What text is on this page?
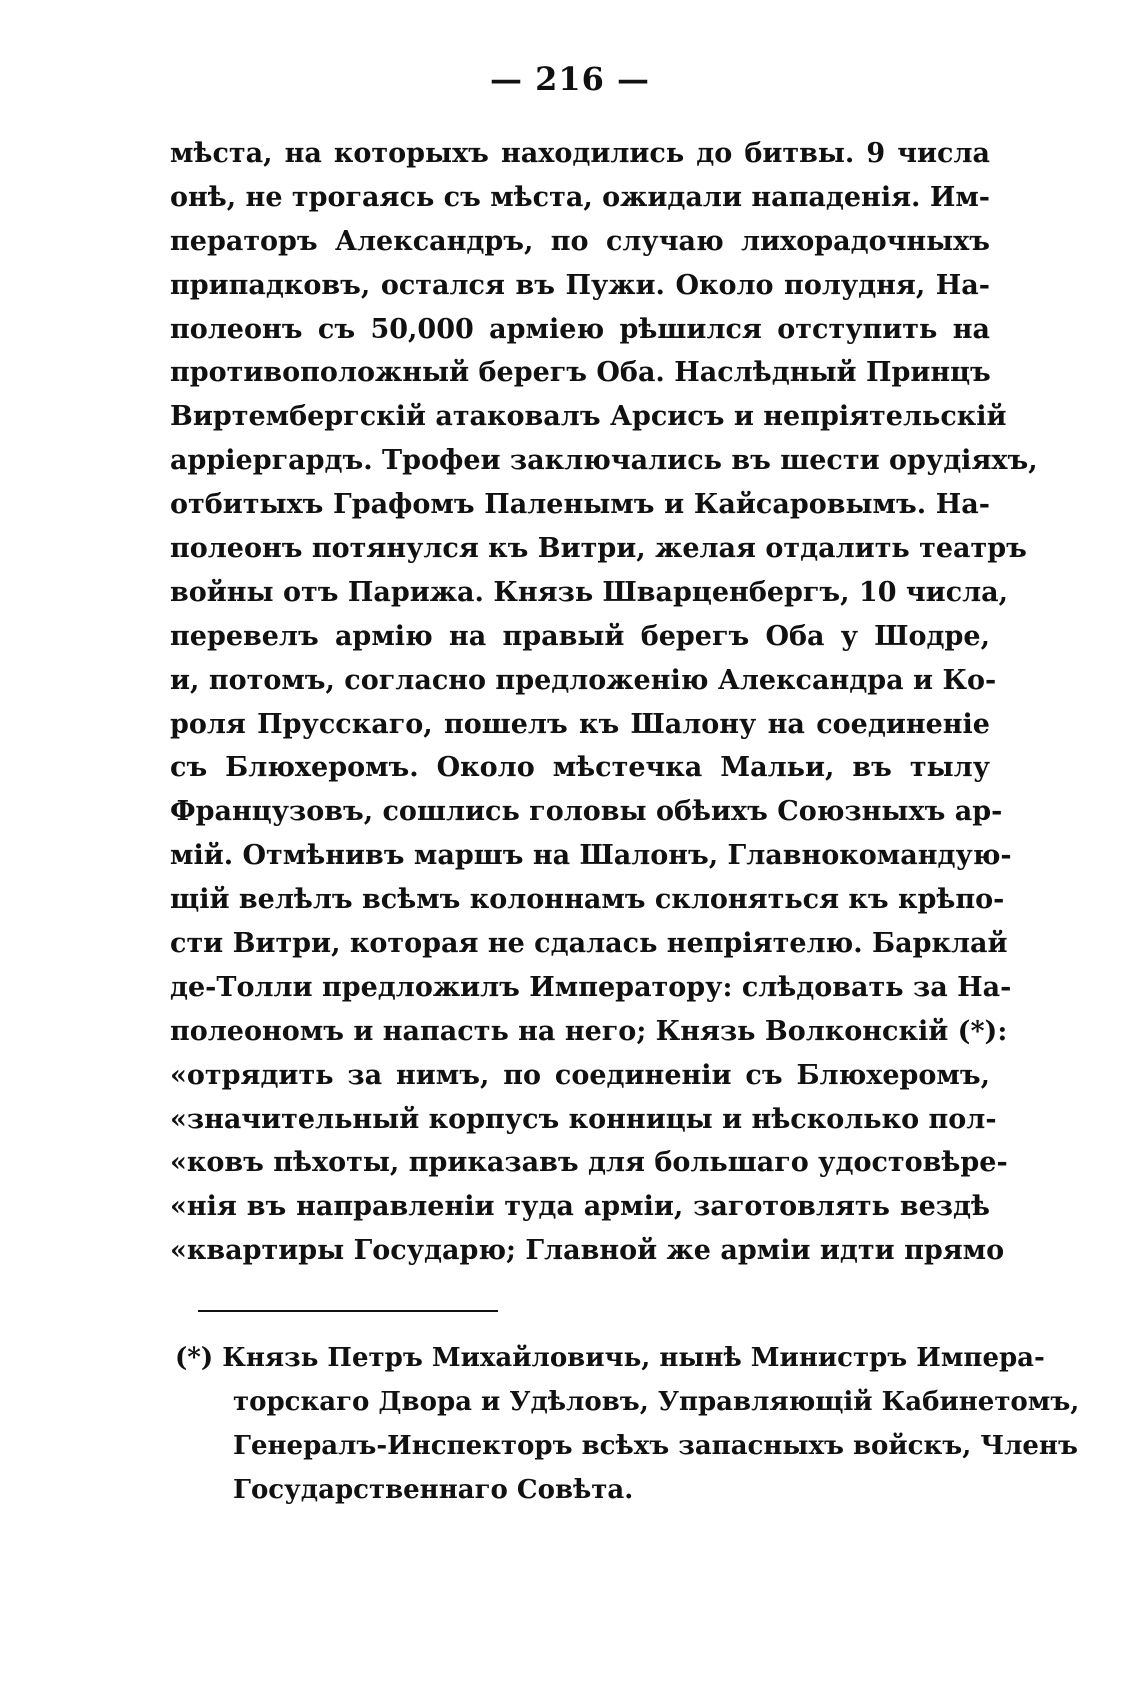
— 216 —
мѣста, на которыхъ находились до битвы. 9 числа
онѣ, не трогаясь съ мѣста, ожидали нападенія. Им-
ператоръ Александръ, по случаю лихорадочныхъ
припадковъ, остался въ Пужи. Около полудня, На-
полеонъ съ 50,000 арміею рѣшился отступить на
противоположный берегъ Оба. Наслѣдный Принцъ
Виртембергскій атаковалъ Арсисъ и непріятельскій
арріергардъ. Трофеи заключались въ шести орудіяхъ,
отбитыхъ Графомъ Паленымъ и Кайсаровымъ. На-
полеонъ потянулся къ Витри, желая отдалить театръ
войны отъ Парижа. Князь Шварценбергъ, 10 числа,
перевелъ армію на правый берегъ Оба у Шодре,
и, потомъ, согласно предложенію Александра и Ко-
роля Прусскаго, пошелъ къ Шалону на соединеніе
съ Блюхеромъ. Около мѣстечка Мальи, въ тылу
Французовъ, сошлись головы обѣихъ Союзныхъ ар-
мій. Отмѣнивъ маршъ на Шалонъ, Главнокомандую-
щій велѣлъ всѣмъ колоннамъ склоняться къ крѣпо-
сти Витри, которая не сдалась непріятелю. Барклай
де-Толли предложилъ Императору: слѣдовать за На-
полеономъ и напасть на него; Князь Волконскій (*):
«отрядить за нимъ, по соединеніи съ Блюхеромъ,
«значительный корпусъ конницы и нѣсколько пол-
«ковъ пѣхоты, приказавъ для большаго удостовѣре-
«нія въ направленіи туда арміи, заготовлять вездѣ
«квартиры Государю; Главной же арміи идти прямо
(*) Князь Петръ Михайловичь, нынѣ Министръ Импера-
торскаго Двора и Удѣловъ, Управляющій Кабинетомъ,
Генералъ-Инспекторъ всѣхъ запасныхъ войскъ, Членъ
Государственнаго Совѣта.
